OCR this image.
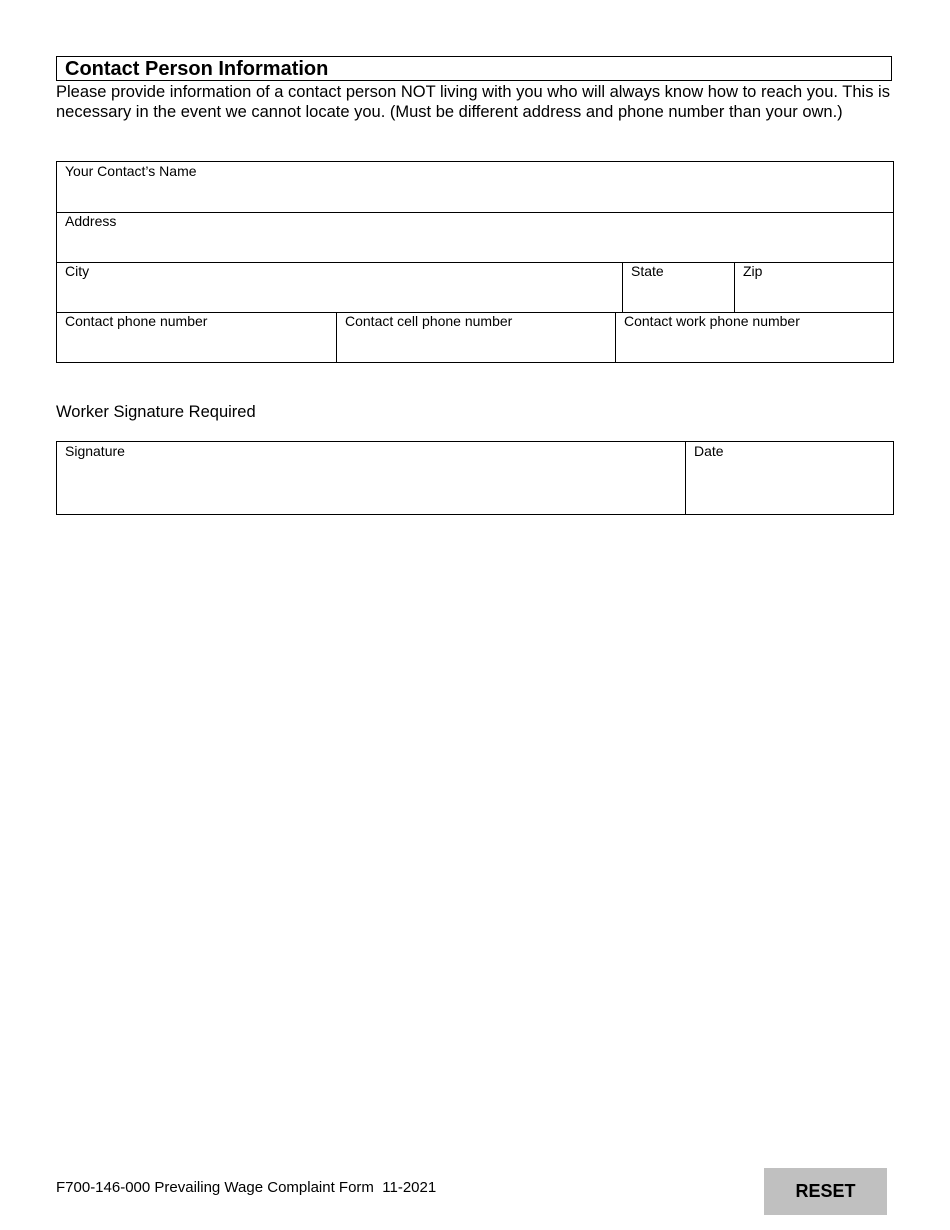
Contact Person Information
Please provide information of a contact person NOT living with you who will always know how to reach you. This is necessary in the event we cannot locate you. (Must be different address and phone number than your own.)
Your Contact’s Name
Address
City	State	Zip
Contact phone number	Contact cell phone number	Contact work phone number
Worker Signature Required
Signature	Date
F700-146-000 Prevailing Wage Complaint Form  11-2021	RESET
